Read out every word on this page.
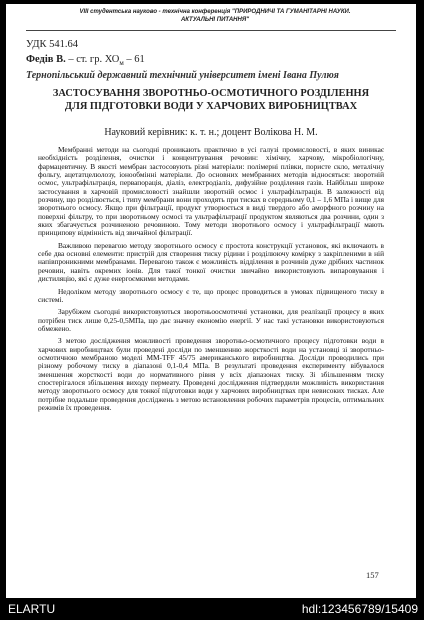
VIII студентська науково - технічна конференція "ПРИРОДНИЧІ ТА ГУМАНІТАРНІ НАУКИ.
АКТУАЛЬНІ ПИТАННЯ"
УДК 541.64
Федів В. – ст. гр. $ХО_м - 61$
Тернопільський державний технічний університет імені Івана Пулюя
ЗАСТОСУВАННЯ ЗВОРОТНЬО-ОСМОТИЧНОГО РОЗДІЛЕННЯ
ДЛЯ ПІДГОТОВКИ ВОДИ У ХАРЧОВИХ ВИРОБНИЦТВАХ
Науковий керівник: к. т. н.; доцент Волікова Н. М.

Мембранні методи на сьогодні проникають практично в усі галузі промисловості, в яких виникає необхідність розділення, очистки і концентрування речовин: хімічну, харчову, мікробіологічну, фармацевтичну. В якості мембран застосовують різні матеріали: полімерні плівки, пористе скло, металічну фольгу, ацетатцелюлозу, іонообмінні матеріали. До основних мембранних методів відносяться: зворотній осмос, ультрафільтрація, первапорація, діаліз, електродіаліз, дифузійне розділення газів. Найбільш широке застосування в харчовій промисловості знайшли зворотній осмос і ультрафільтрація. В залежності від розчину, що розділюється, і типу мембрани вони проходять при тисках в середньому 0,1 – 1,6 МПа і вище для зворотнього осмосу. Якщо при фільтрації, продукт утворюється в виді твердого або аморфного розчину на поверхні фільтру, то при зворотньому осмосі та ультрафільтрації продуктом являються два розчини, один з яких збагачується розчиненою речовиною. Тому методи зворотнього осмосу і ультрафільтрації мають принципову відмінність від звичайної фільтрації.

Важливою перевагою методу зворотнього осмосу є простота конструкції установок, які включають в себе два основні елементи: пристрій для створення тиску рідини і розділюючу комірку з закріпленими в ній напівпроникними мембранами. Перевагою також є можливість відділення в розчинів дуже дрібних частинок речовин, навіть окремих іонів. Для такої тонкої очистки звичайно використовують випаровування і дистиляцію, які є дуже енергоємкими методами.

Недоліком методу зворотнього осмосу є те, що процес проводиться в умовах підвищеного тиску в системі.

Зарубіжем сьогодні використовуються зворотньоосмотичні установки, для реалізації процесу в яких потрібен тиск лише 0,25-0,5МПа, що дає значну економію енергії. У нас такі установки використовуються обмежено.

З метою дослідження можливості проведення зворотньо-осмотичного процесу підготовки води в харчових виробництвах були проведені досліди по зменшенню жорсткості води на установці зі зворотньо-осмотичною мембраною моделі ММ-TFF 45/75 американського виробництва. Досліди проводились при різному робочому тиску в діапазоні 0,1-0,4 МПа. В результаті проведення експерименту вібувалося зменшення жорсткості води до нормативного рівня у всіх діапазонах тиску. Зі збільшенням тиску спостерігалося збільшення виходу пермеату. Проведені дослідження підтвердили можливість використання методу зворотнього осмосу для тонкої підготовки води у харчових виробництвах при невисоких тисках. Але потрібне подальше проведення досліджень з метою встановлення робочих параметрів процесів, оптимальних режимів їх проведення.

157
ELARTU	hdl:123456789/15409
